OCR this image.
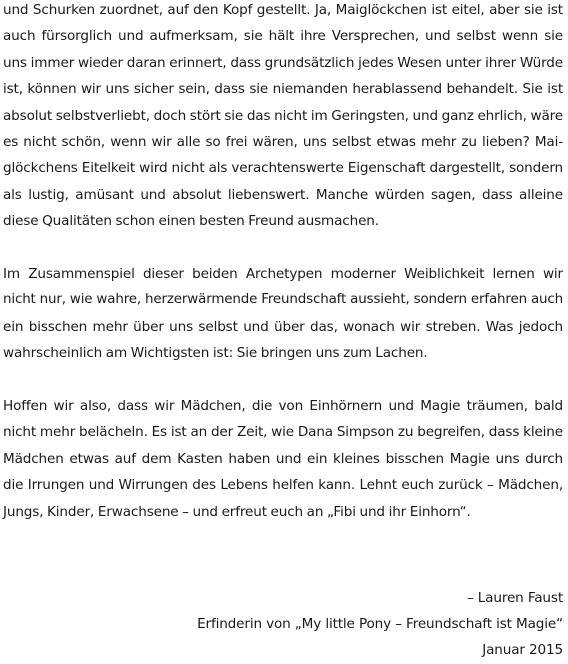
und Schurken zuordnet, auf den Kopf gestellt. Ja, Maiglöckchen ist eitel, aber sie ist
auch fürsorglich und aufmerksam, sie hält ihre Versprechen, und selbst wenn sie
uns immer wieder daran erinnert, dass grundsätzlich jedes Wesen unter ihrer Würde
ist, können wir uns sicher sein, dass sie niemanden herablassend behandelt. Sie ist
absolut selbstverliebt, doch stört sie das nicht im Geringsten, und ganz ehrlich, wäre
es nicht schön, wenn wir alle so frei wären, uns selbst etwas mehr zu lieben? Mai-
glöckchens Eitelkeit wird nicht als verachtenswerte Eigenschaft dargestellt, sondern
als lustig, amüsant und absolut liebenswert. Manche würden sagen, dass alleine
diese Qualitäten schon einen besten Freund ausmachen.

Im Zusammenspiel dieser beiden Archetypen moderner Weiblichkeit lernen wir
nicht nur, wie wahre, herzerwärmende Freundschaft aussieht, sondern erfahren auch
ein bisschen mehr über uns selbst und über das, wonach wir streben. Was jedoch
wahrscheinlich am Wichtigsten ist: Sie bringen uns zum Lachen.

Hoffen wir also, dass wir Mädchen, die von Einhörnern und Magie träumen, bald
nicht mehr belächeln. Es ist an der Zeit, wie Dana Simpson zu begreifen, dass kleine
Mädchen etwas auf dem Kasten haben und ein kleines bisschen Magie uns durch
die Irrungen und Wirrungen des Lebens helfen kann. Lehnt euch zurück – Mädchen,
Jungs, Kinder, Erwachsene – und erfreut euch an „Fibi und ihr Einhorn“.

– Lauren Faust
Erfinderin von „My little Pony – Freundschaft ist Magie“
Januar 2015
